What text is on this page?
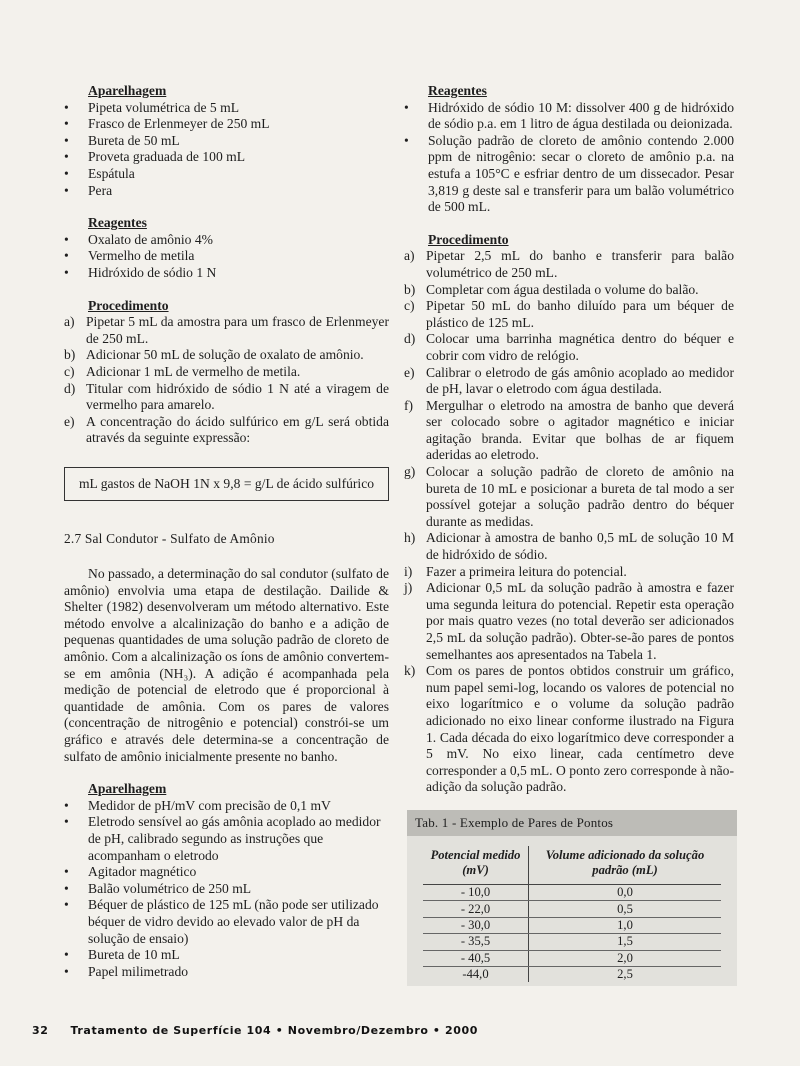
Aparelhagem
• Pipeta volumétrica de 5 mL
• Frasco de Erlenmeyer de 250 mL
• Bureta de 50 mL
• Proveta graduada de 100 mL
• Espátula
• Pera
Reagentes
• Oxalato de amônio 4%
• Vermelho de metila
• Hidróxido de sódio 1 N
Procedimento
a) Pipetar 5 mL da amostra para um frasco de Erlenmeyer de 250 mL.
b) Adicionar 50 mL de solução de oxalato de amônio.
c) Adicionar 1 mL de vermelho de metila.
d) Titular com hidróxido de sódio 1 N até a viragem de vermelho para amarelo.
e) A concentração do ácido sulfúrico em g/L será obtida através da seguinte expressão:
mL gastos de NaOH 1N x 9,8 = g/L de ácido sulfúrico
2.7 Sal Condutor - Sulfato de Amônio

No passado, a determinação do sal condutor (sulfato de amônio) envolvia uma etapa de destilação. Dailide & Shelter (1982) desenvolveram um método alternativo. Este método envolve a alcalinização do banho e a adição de pequenas quantidades de uma solução padrão de cloreto de amônio. Com a alcalinização os íons de amônio convertem-se em amônia (NH₃). A adição é acompanhada pela medição de potencial de eletrodo que é proporcional à quantidade de amônia. Com os pares de valores (concentração de nitrogênio e potencial) constrói-se um gráfico e através dele determina-se a concentração de sulfato de amônio inicialmente presente no banho.

Aparelhagem
• Medidor de pH/mV com precisão de 0,1 mV
• Eletrodo sensível ao gás amônia acoplado ao medidor de pH, calibrado segundo as instruções que acompanham o eletrodo
• Agitador magnético
• Balão volumétrico de 250 mL
• Béquer de plástico de 125 mL (não pode ser utilizado béquer de vidro devido ao elevado valor de pH da solução de ensaio)
• Bureta de 10 mL
• Papel milimetrado
Reagentes
• Hidróxido de sódio 10 M: dissolver 400 g de hidróxido de sódio p.a. em 1 litro de água destilada ou deionizada.
• Solução padrão de cloreto de amônio contendo 2.000 ppm de nitrogênio: secar o cloreto de amônio p.a. na estufa a 105°C e esfriar dentro de um dissecador. Pesar 3,819 g deste sal e transferir para um balão volumétrico de 500 mL.
Procedimento
a) Pipetar 2,5 mL do banho e transferir para balão volumétrico de 250 mL.
b) Completar com água destilada o volume do balão.
c) Pipetar 50 mL do banho diluído para um béquer de plástico de 125 mL.
d) Colocar uma barrinha magnética dentro do béquer e cobrir com vidro de relógio.
e) Calibrar o eletrodo de gás amônio acoplado ao medidor de pH, lavar o eletrodo com água destilada.
f) Mergulhar o eletrodo na amostra de banho que deverá ser colocado sobre o agitador magnético e iniciar agitação branda. Evitar que bolhas de ar fiquem aderidas ao eletrodo.
g) Colocar a solução padrão de cloreto de amônio na bureta de 10 mL e posicionar a bureta de tal modo a ser possível gotejar a solução padrão dentro do béquer durante as medidas.
h) Adicionar à amostra de banho 0,5 mL de solução 10 M de hidróxido de sódio.
i) Fazer a primeira leitura do potencial.
j) Adicionar 0,5 mL da solução padrão à amostra e fazer uma segunda leitura do potencial. Repetir esta operação por mais quatro vezes (no total deverão ser adicionados 2,5 mL da solução padrão). Obter-se-ão pares de pontos semelhantes aos apresentados na Tabela 1.
k) Com os pares de pontos obtidos construir um gráfico, num papel semi-log, locando os valores de potencial no eixo logarítmico e o volume da solução padrão adicionado no eixo linear conforme ilustrado na Figura 1. Cada década do eixo logarítmico deve corresponder a 5 mV. No eixo linear, cada centímetro deve corresponder a 0,5 mL. O ponto zero corresponde à não-adição da solução padrão.
Tab. 1 - Exemplo de Pares de Pontos
Potencial medido (mV)	Volume adicionado da solução padrão (mL)
- 10,0	0,0
- 22,0	0,5
- 30,0	1,0
- 35,5	1,5
- 40,5	2,0
-44,0	2,5
32 Tratamento de Superfície 104 • Novembro/Dezembro • 2000
